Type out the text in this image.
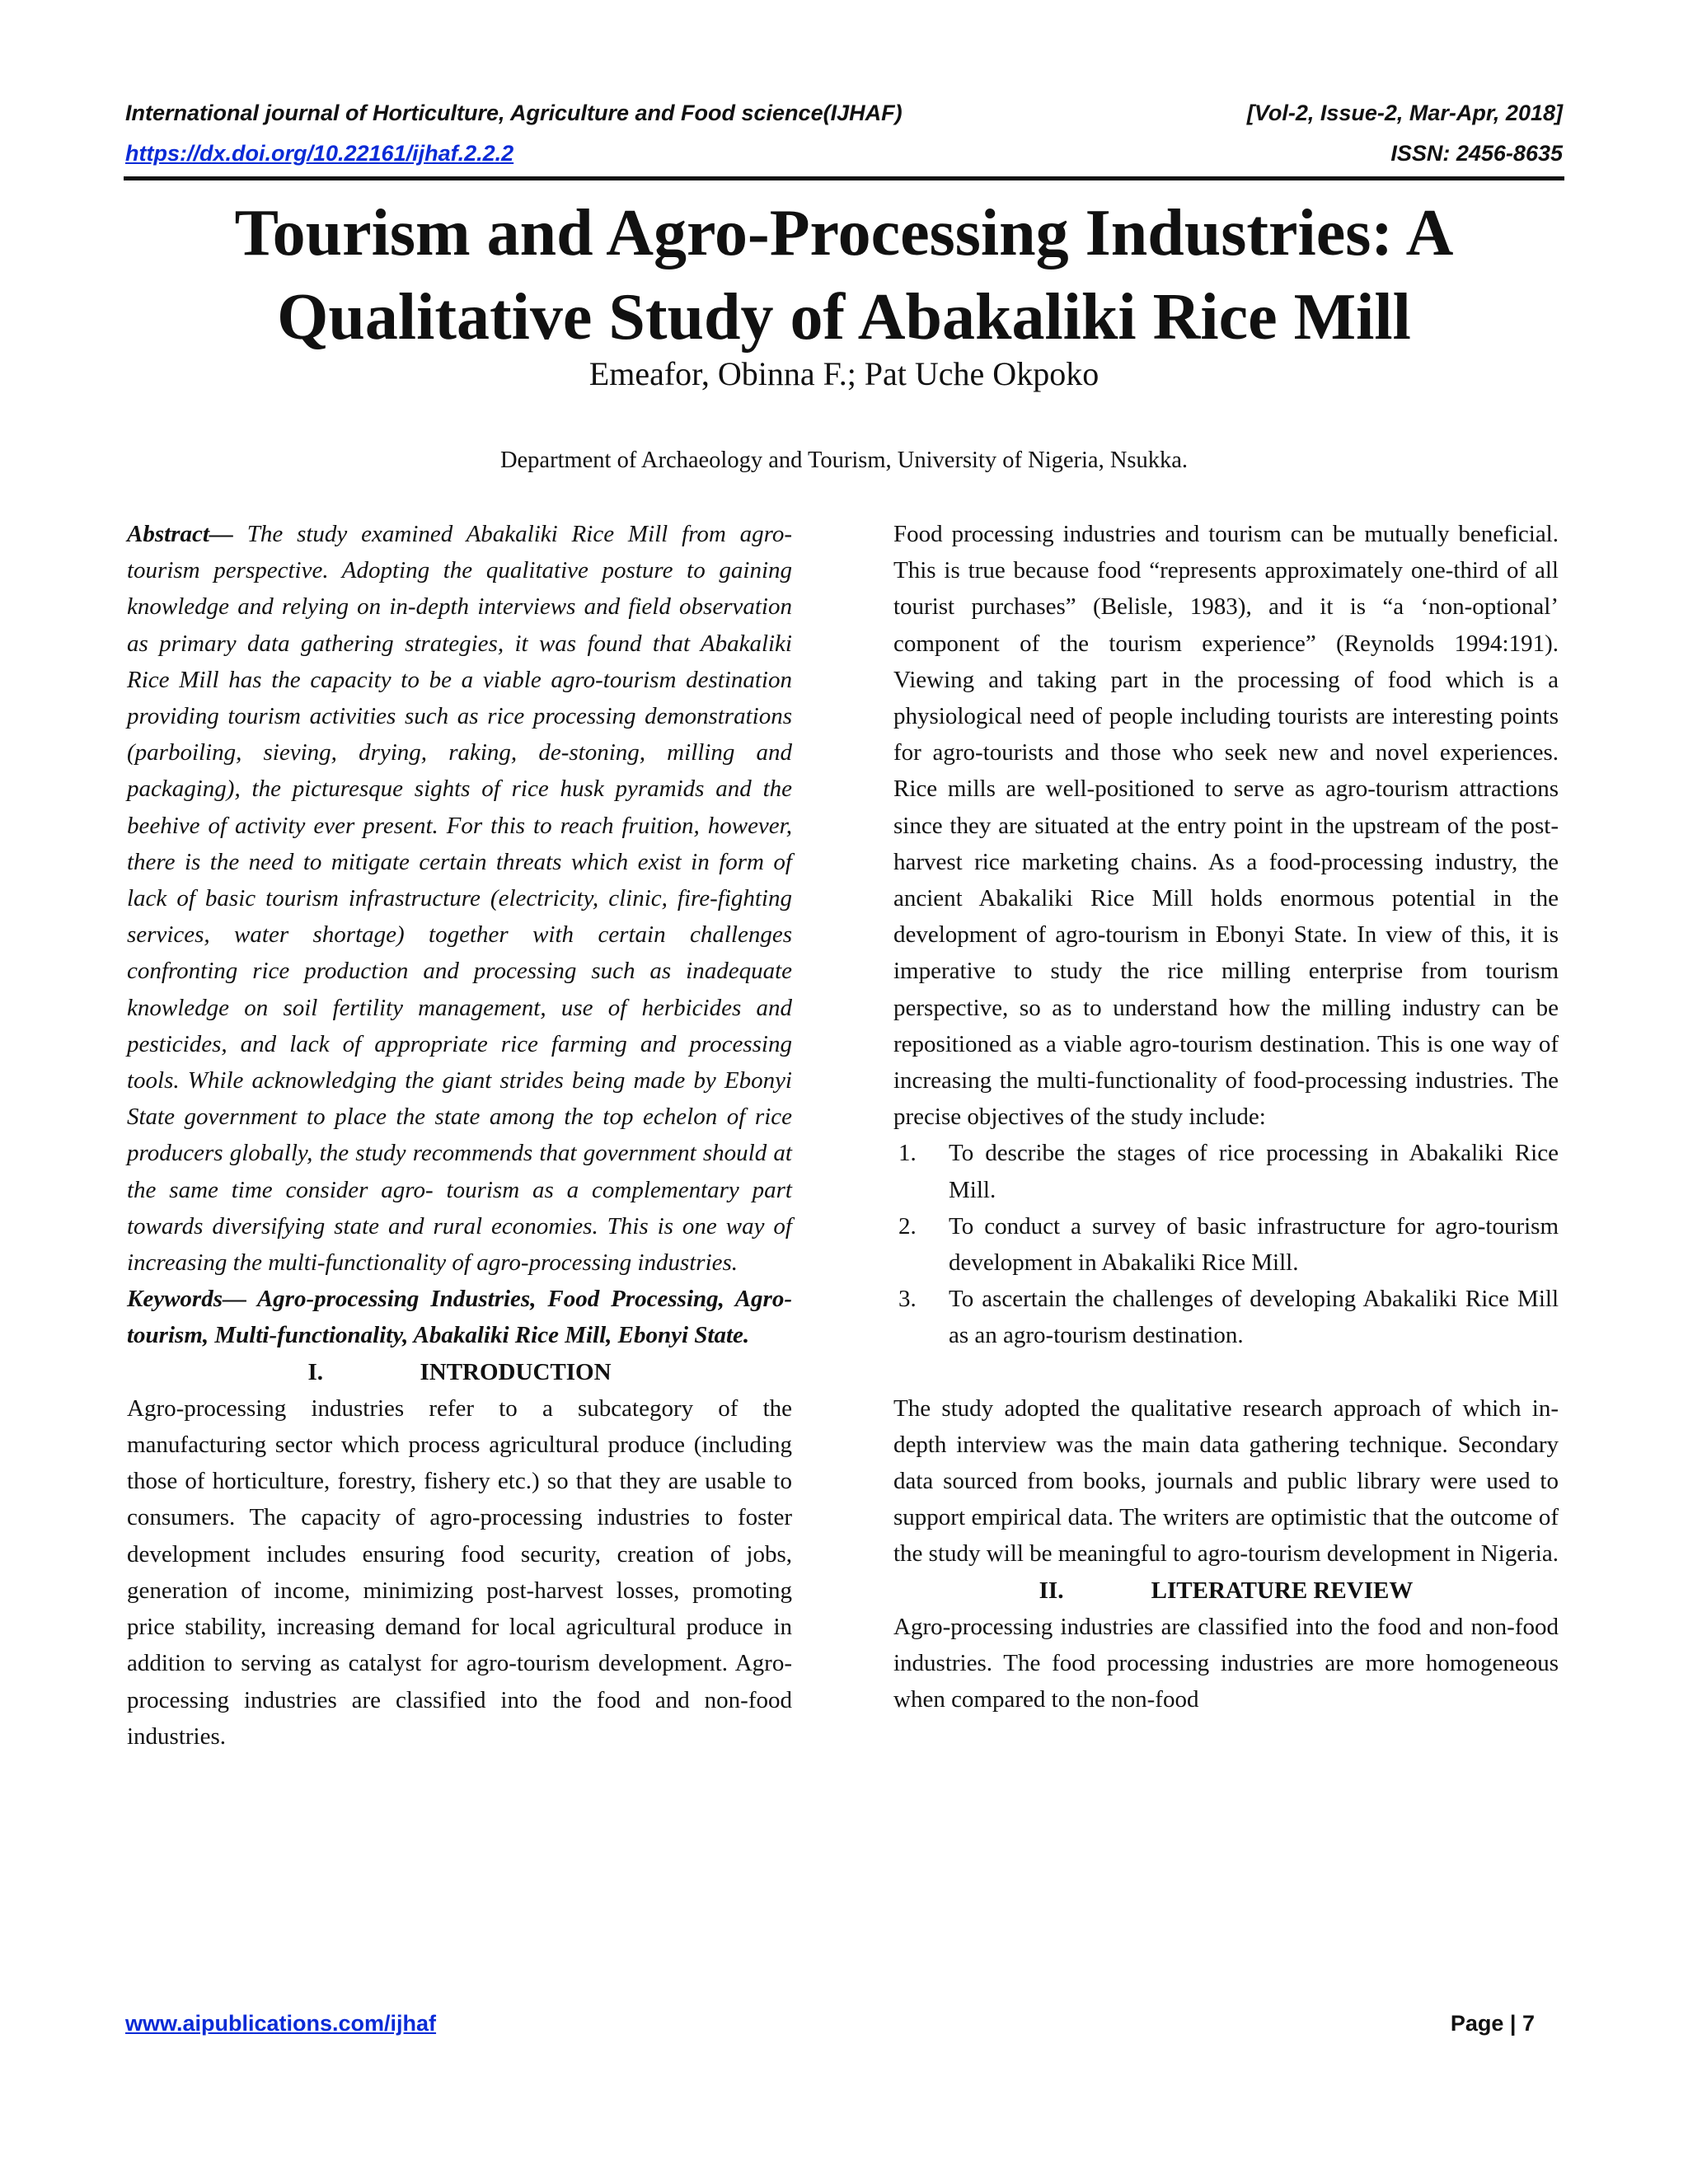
International journal of Horticulture, Agriculture and Food science(IJHAF)	[Vol-2, Issue-2, Mar-Apr, 2018]
https://dx.doi.org/10.22161/ijhaf.2.2.2	ISSN: 2456-8635
Tourism and Agro-Processing Industries: A
Qualitative Study of Abakaliki Rice Mill
Emeafor, Obinna F.; Pat Uche Okpoko
Department of Archaeology and Tourism, University of Nigeria, Nsukka.

Abstract— The study examined Abakaliki Rice Mill from agro-tourism perspective. Adopting the qualitative posture to gaining knowledge and relying on in-depth interviews and field observation as primary data gathering strategies, it was found that Abakaliki Rice Mill has the capacity to be a viable agro-tourism destination providing tourism activities such as rice processing demonstrations (parboiling, sieving, drying, raking, de-stoning, milling and packaging), the picturesque sights of rice husk pyramids and the beehive of activity ever present. For this to reach fruition, however, there is the need to mitigate certain threats which exist in form of lack of basic tourism infrastructure (electricity, clinic, fire-fighting services, water shortage) together with certain challenges confronting rice production and processing such as inadequate knowledge on soil fertility management, use of herbicides and pesticides, and lack of appropriate rice farming and processing tools. While acknowledging the giant strides being made by Ebonyi State government to place the state among the top echelon of rice producers globally, the study recommends that government should at the same time consider agro- tourism as a complementary part towards diversifying state and rural economies. This is one way of increasing the multi-functionality of agro-processing industries.

Keywords— Agro-processing Industries, Food Processing, Agro-tourism, Multi-functionality, Abakaliki Rice Mill, Ebonyi State.

I.	INTRODUCTION

Agro-processing industries refer to a subcategory of the manufacturing sector which process agricultural produce (including those of horticulture, forestry, fishery etc.) so that they are usable to consumers. The capacity of agro-processing industries to foster development includes ensuring food security, creation of jobs, generation of income, minimizing post-harvest losses, promoting price stability, increasing demand for local agricultural produce in addition to serving as catalyst for agro-tourism development. Agro-processing industries are classified into the food and non-food industries.

Food processing industries and tourism can be mutually beneficial. This is true because food “represents approximately one-third of all tourist purchases” (Belisle, 1983), and it is “a ‘non-optional’ component of the tourism experience” (Reynolds 1994:191). Viewing and taking part in the processing of food which is a physiological need of people including tourists are interesting points for agro-tourists and those who seek new and novel experiences. Rice mills are well-positioned to serve as agro-tourism attractions since they are situated at the entry point in the upstream of the post-harvest rice marketing chains. As a food-processing industry, the ancient Abakaliki Rice Mill holds enormous potential in the development of agro-tourism in Ebonyi State. In view of this, it is imperative to study the rice milling enterprise from tourism perspective, so as to understand how the milling industry can be repositioned as a viable agro-tourism destination. This is one way of increasing the multi-functionality of food-processing industries. The precise objectives of the study include:

1.	To describe the stages of rice processing in Abakaliki Rice Mill.
2.	To conduct a survey of basic infrastructure for agro-tourism development in Abakaliki Rice Mill.
3.	To ascertain the challenges of developing Abakaliki Rice Mill as an agro-tourism destination.

The study adopted the qualitative research approach of which in-depth interview was the main data gathering technique. Secondary data sourced from books, journals and public library were used to support empirical data. The writers are optimistic that the outcome of the study will be meaningful to agro-tourism development in Nigeria.

II.	LITERATURE REVIEW

Agro-processing industries are classified into the food and non-food industries. The food processing industries are more homogeneous when compared to the non-food

www.aipublications.com/ijhaf	Page | 7
